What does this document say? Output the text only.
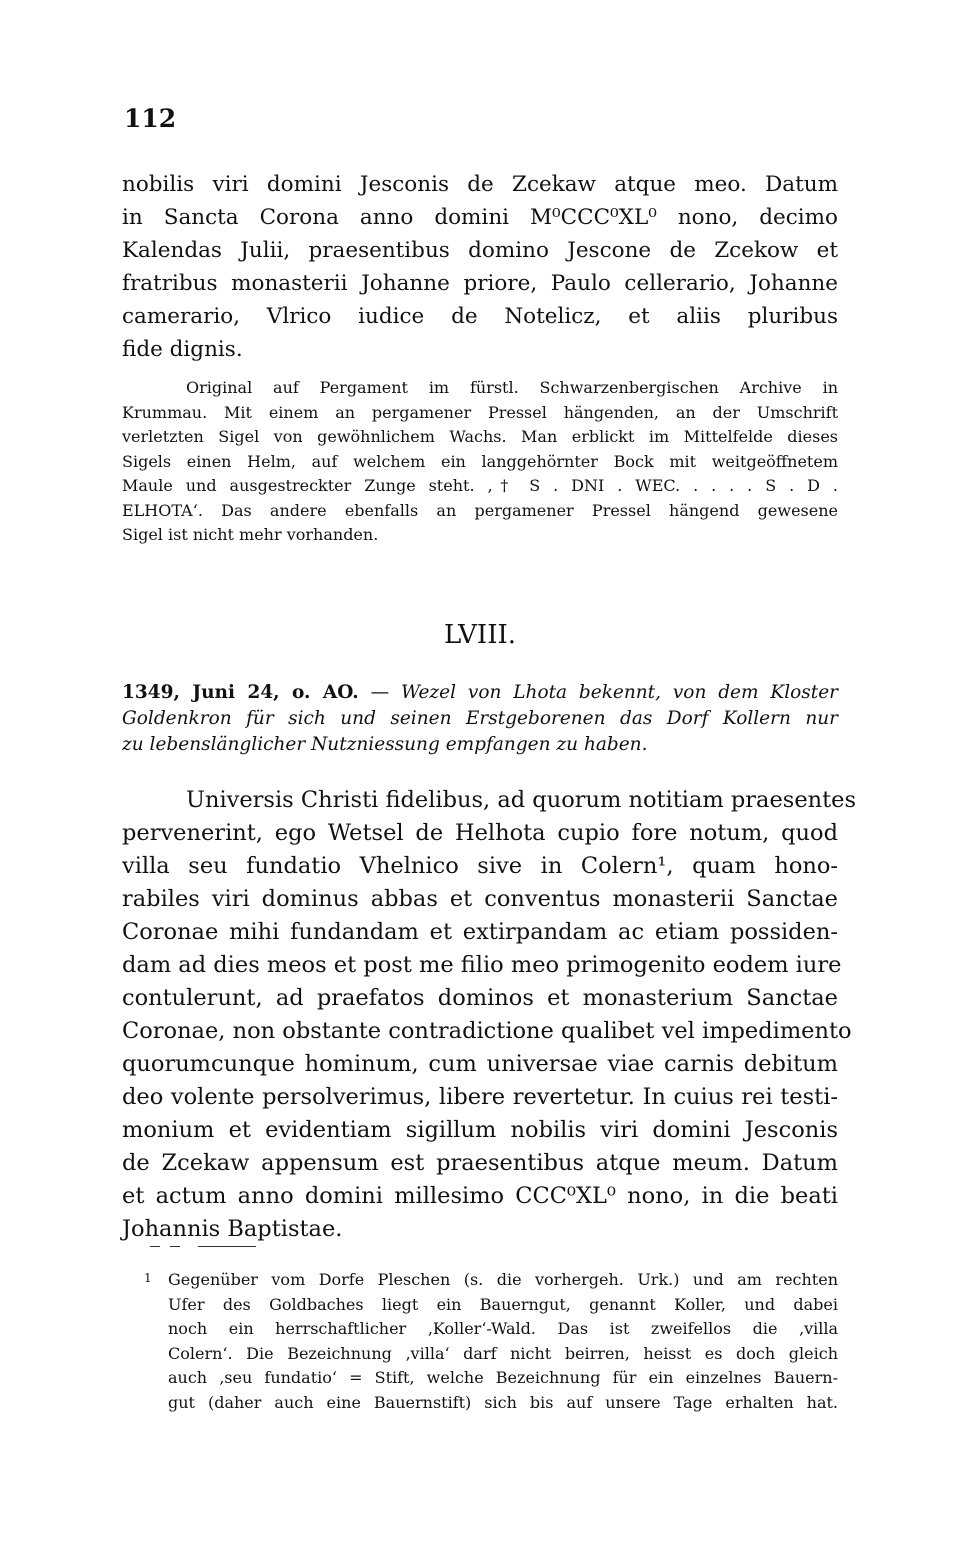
112
nobilis viri domini Jesconis de Zcekaw atque meo. Datum
in Sancta Corona anno domini M⁰CCC⁰XL⁰ nono, decimo
Kalendas Julii, praesentibus domino Jescone de Zcekow et
fratribus monasterii Johanne priore, Paulo cellerario, Johanne
camerario, Vlrico iudice de Notelicz, et aliis pluribus
fide dignis.
Original auf Pergament im fürstl. Schwarzenbergischen Archive in
Krummau. Mit einem an pergamener Pressel hängenden, an der Umschrift
verletzten Sigel von gewöhnlichem Wachs. Man erblickt im Mittelfelde dieses
Sigels einen Helm, auf welchem ein langgehörnter Bock mit weitgeöffnetem
Maule und ausgestreckter Zunge steht. ‚† S . DNI . WEC. . . . . S . D .
ELHOTA‘. Das andere ebenfalls an pergamener Pressel hängend gewesene
Sigel ist nicht mehr vorhanden.
LVIII.
1349, Juni 24, o. AO. — Wezel von Lhota bekennt, von dem Kloster
Goldenkron für sich und seinen Erstgeborenen das Dorf Kollern nur
zu lebenslänglicher Nutzniessung empfangen zu haben.
Universis Christi fidelibus, ad quorum notitiam praesentes
pervenerint, ego Wetsel de Helhota cupio fore notum, quod
villa seu fundatio Vhelnico sive in Colern¹, quam hono-
rabiles viri dominus abbas et conventus monasterii Sanctae
Coronae mihi fundandam et extirpandam ac etiam possiden-
dam ad dies meos et post me filio meo primogenito eodem iure
contulerunt, ad praefatos dominos et monasterium Sanctae
Coronae, non obstante contradictione qualibet vel impedimento
quorumcunque hominum, cum universae viae carnis debitum
deo volente persolverimus, libere revertetur. In cuius rei testi-
monium et evidentiam sigillum nobilis viri domini Jesconis
de Zcekaw appensum est praesentibus atque meum. Datum
et actum anno domini millesimo CCC⁰XL⁰ nono, in die beati
Johannis Baptistae.
1 Gegenüber vom Dorfe Pleschen (s. die vorhergeh. Urk.) und am rechten
Ufer des Goldbaches liegt ein Bauerngut, genannt Koller, und dabei
noch ein herrschaftlicher ‚Koller‘-Wald. Das ist zweifellos die ‚villa
Colern‘. Die Bezeichnung ‚villa‘ darf nicht beirren, heisst es doch gleich
auch ‚seu fundatio‘ = Stift, welche Bezeichnung für ein einzelnes Bauern-
gut (daher auch eine Bauernstift) sich bis auf unsere Tage erhalten hat.
